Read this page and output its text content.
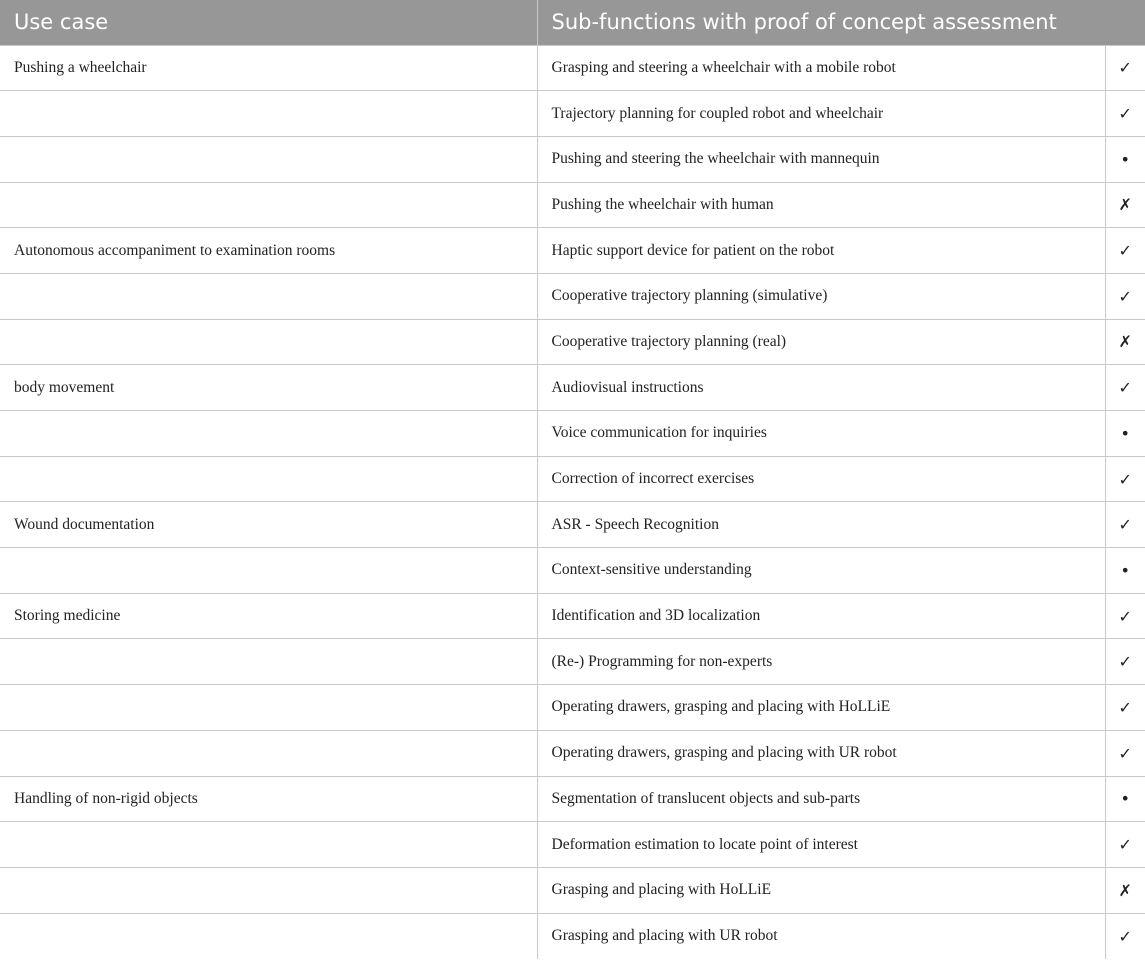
Use case	Sub-functions with proof of concept assessment	
Pushing a wheelchair	Grasping and steering a wheelchair with a mobile robot	✓
	Trajectory planning for coupled robot and wheelchair	✓
	Pushing and steering the wheelchair with mannequin	•
	Pushing the wheelchair with human	✗
Autonomous accompaniment to examination rooms	Haptic support device for patient on the robot	✓
	Cooperative trajectory planning (simulative)	✓
	Cooperative trajectory planning (real)	✗
body movement	Audiovisual instructions	✓
	Voice communication for inquiries	•
	Correction of incorrect exercises	✓
Wound documentation	ASR - Speech Recognition	✓
	Context-sensitive understanding	•
Storing medicine	Identification and 3D localization	✓
	(Re-) Programming for non-experts	✓
	Operating drawers, grasping and placing with HoLLiE	✓
	Operating drawers, grasping and placing with UR robot	✓
Handling of non-rigid objects	Segmentation of translucent objects and sub-parts	•
	Deformation estimation to locate point of interest	✓
	Grasping and placing with HoLLiE	✗
	Grasping and placing with UR robot	✓
